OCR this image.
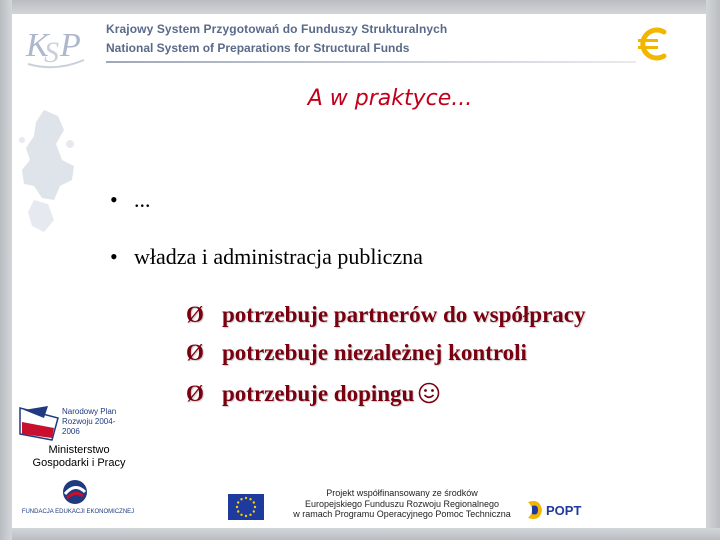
K
S P Krajowy System Przygotowań do Funduszy Strukturalnych
National System of Preparations for Structural Funds
A w praktyce...
• ...
• władza i administracja publiczna
Ø potrzebuje partnerów do współpracy
Ø potrzebuje niezależnej kontroli
Ø potrzebuje dopingu
Narodowy Plan Rozwoju 2004-2006
Ministerstwo Gospodarki i Pracy
FUNDACJA EDUKACJI EKONOMICZNEJ
Projekt współfinansowany ze środków
Europejskiego Funduszu Rozwoju Regionalnego
w ramach Programu Operacyjnego Pomoc Techniczna	POPT
